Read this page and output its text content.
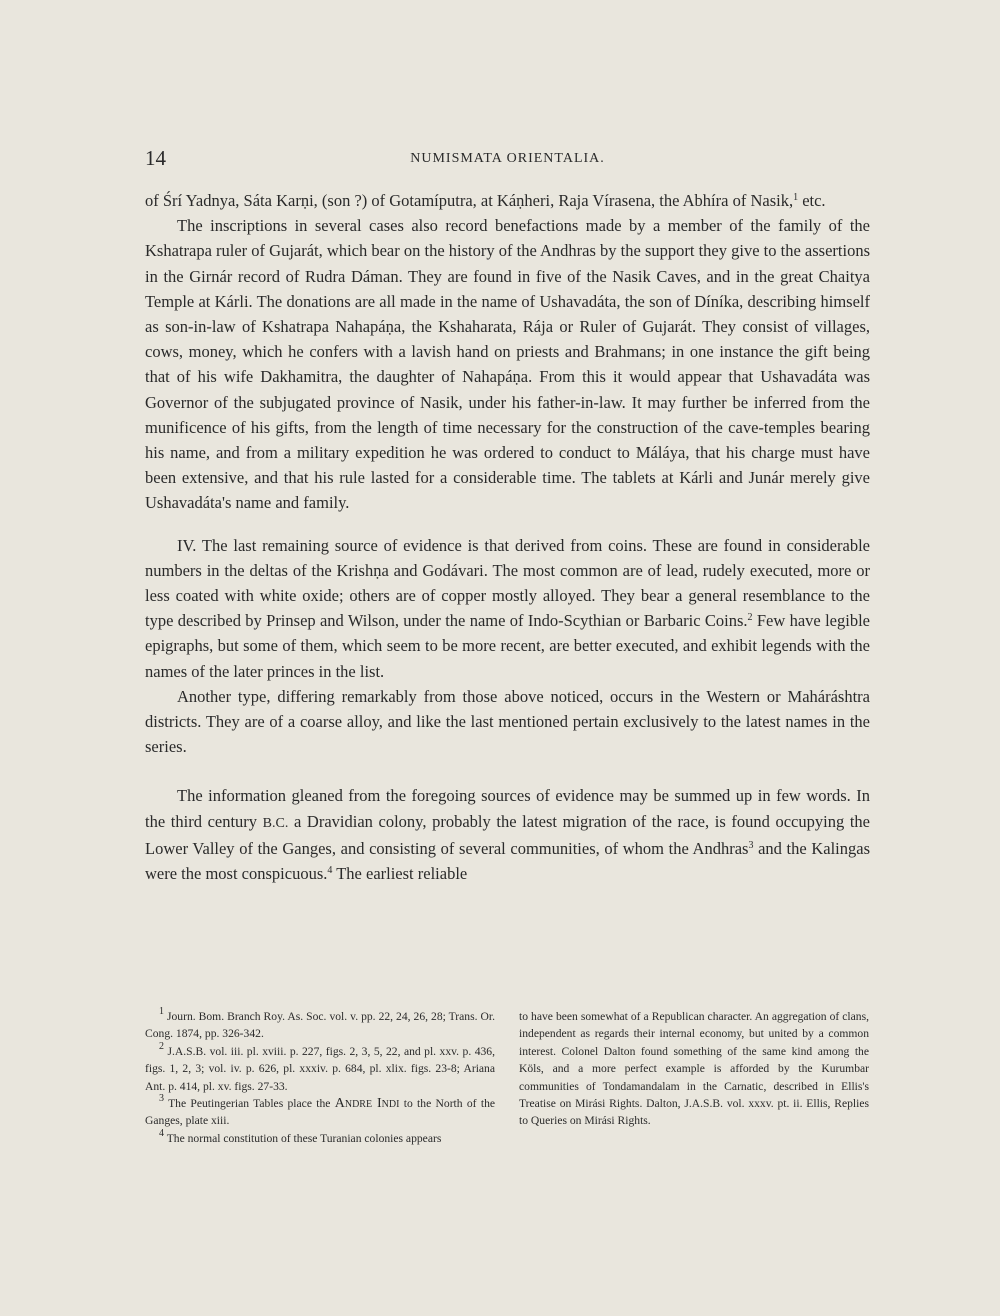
14	NUMISMATA ORIENTALIA.

of Śrí Yadnya, Sáta Karṇi, (son ?) of Gotamíputra, at Káṇheri, Raja Vírasena, the Abhíra of Nasik,$^1$ etc.

The inscriptions in several cases also record benefactions made by a member of the family of the Kshatrapa ruler of Gujarát, which bear on the history of the Andhras by the support they give to the assertions in the Girnár record of Rudra Dáman. They are found in five of the Nasik Caves, and in the great Chaitya Temple at Kárli. The donations are all made in the name of Ushavadáta, the son of Díníka, describing himself as son-in-law of Kshatrapa Nahapáṇa, the Kshaharata, Rája or Ruler of Gujarát. They consist of villages, cows, money, which he confers with a lavish hand on priests and Brahmans; in one instance the gift being that of his wife Dakhamitra, the daughter of Nahapáṇa. From this it would appear that Ushavadáta was Governor of the subjugated province of Nasik, under his father-in-law. It may further be inferred from the munificence of his gifts, from the length of time necessary for the construction of the cave-temples bearing his name, and from a military expedition he was ordered to conduct to Máláya, that his charge must have been extensive, and that his rule lasted for a considerable time. The tablets at Kárli and Junár merely give Ushavadáta's name and family.

IV. The last remaining source of evidence is that derived from coins. These are found in considerable numbers in the deltas of the Krishṇa and Godávari. The most common are of lead, rudely executed, more or less coated with white oxide; others are of copper mostly alloyed. They bear a general resemblance to the type described by Prinsep and Wilson, under the name of Indo-Scythian or Barbaric Coins.$^2$ Few have legible epigraphs, but some of them, which seem to be more recent, are better executed, and exhibit legends with the names of the later princes in the list.

Another type, differing remarkably from those above noticed, occurs in the Western or Maháráshtra districts. They are of a coarse alloy, and like the last mentioned pertain exclusively to the latest names in the series.

The information gleaned from the foregoing sources of evidence may be summed up in few words. In the third century B.C. a Dravidian colony, probably the latest migration of the race, is found occupying the Lower Valley of the Ganges, and consisting of several communities, of whom the Andhras$^3$ and the Kalingas were the most conspicuous.$^4$ The earliest reliable

$^1$ Journ. Bom. Branch Roy. As. Soc. vol. v. pp. 22, 24, 26, 28; Trans. Or. Cong. 1874, pp. 326-342.

$^2$ J.A.S.B. vol. iii. pl. xviii. p. 227, figs. 2, 3, 5, 22, and pl. xxv. p. 436, figs. 1, 2, 3; vol. iv. p. 626, pl. xxxiv. p. 684, pl. xlix. figs. 23-8; Ariana Ant. p. 414, pl. xv. figs. 27-33.

$^3$ The Peutingerian Tables place the Andre Indi to the North of the Ganges, plate xiii.

$^4$ The normal constitution of these Turanian colonies appears

to have been somewhat of a Republican character. An aggregation of clans, independent as regards their internal economy, but united by a common interest. Colonel Dalton found something of the same kind among the Köls, and a more perfect example is afforded by the Kurumbar communities of Tondamandalam in the Carnatic, described in Ellis's Treatise on Mirási Rights. Dalton, J.A.S.B. vol. xxxv. pt. ii. Ellis, Replies to Queries on Mirási Rights.
